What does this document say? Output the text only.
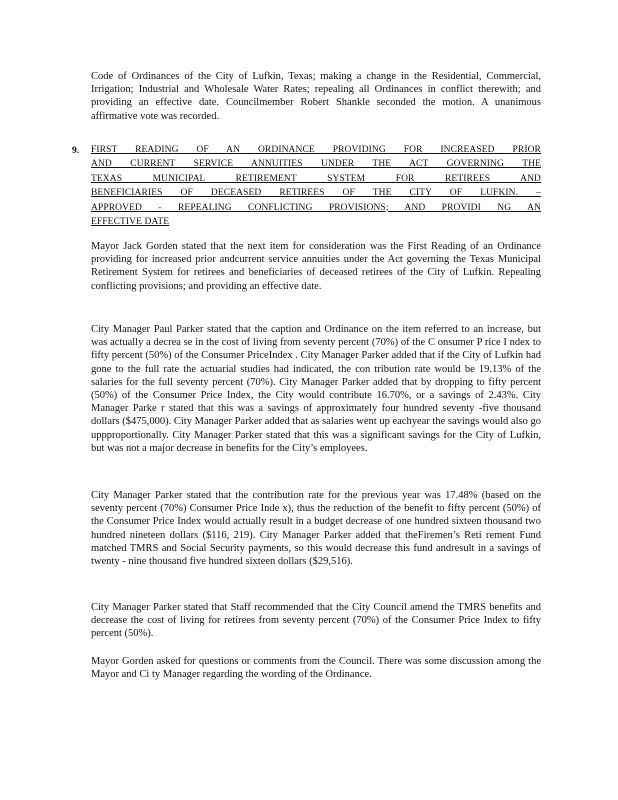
Code of Ordinances of the City of Lufkin, Texas; making a change in the Residential, Commercial, Irrigation; Industrial and Wholesale Water Rates; repealing all Ordinances in conflict therewith; and providing an effective date. Councilmember Robert Shankle seconded the motion. A unanimous affirmative vote was recorded.

9. FIRST READING OF AN ORDINANCE PROVIDING FOR INCREASED PRIOR
AND CURRENT SERVICE ANNUITIES UNDER THE ACT GOVERNING THE
TEXAS MUNICIPAL RETIREMENT SYSTEM FOR RETIREES AND
BENEFICIARIES OF DECEASED RETIREES OF THE CITY OF LUFKIN. –
APPROVED - REPEALING CONFLICTING PROVISIONS; AND PROVIDI NG AN
EFFECTIVE DATE

Mayor Jack Gorden stated that the next item for consideration was the First Reading of an Ordinance providing for increased prior andcurrent service annuities under the Act governing the Texas Municipal Retirement System for retirees and beneficiaries of deceased retirees of the City of Lufkin. Repealing conflicting provisions; and providing an effective date.

City Manager Paul Parker stated that the caption and Ordinance on the item referred to an increase, but was actually a decrea se in the cost of living from seventy percent (70%) of the C onsumer P rice I ndex to fifty percent (50%) of the Consumer PriceIndex . City Manager Parker added that if the City of Lufkin had gone to the full rate the actuarial studies had indicated, the con tribution rate would be 19.13% of the salaries for the full seventy percent (70%). City Manager Parker added that by dropping to fifty percent (50%) of the Consumer Price Index, the City would contribute 16.70%, or a savings of 2.43%. City Manager Parke r stated that this was a savings of approximately four hundred seventy -five thousand dollars ($475,000). City Manager Parker added that as salaries went up eachyear the savings would also go uppproportionally. City Manager Parker stated that this was a significant savings for the City of Lufkin, but was not a major decrease in benefits for the City’s employees.

City Manager Parker stated that the contribution rate for the previous year was 17.48% (based on the seventy percent (70%) Consumer Price Inde x), thus the reduction of the benefit to fifty percent (50%) of the Consumer Price Index would actually result in a budget decrease of one hundred sixteen thousand two hundred nineteen dollars ($116, 219). City Manager Parker added that theFiremen’s Reti rement Fund matched TMRS and Social Security payments, so this would decrease this fund andresult in a savings of twenty - nine thousand five hundred sixteen dollars ($29,516).

City Manager Parker stated that Staff recommended that the City Council amend the TMRS benefits and decrease the cost of living for retirees from seventy percent (70%) of the Consumer Price Index to fifty percent (50%).

Mayor Gorden asked for questions or comments from the Council. There was some discussion among the Mayor and Ci ty Manager regarding the wording of the Ordinance.
